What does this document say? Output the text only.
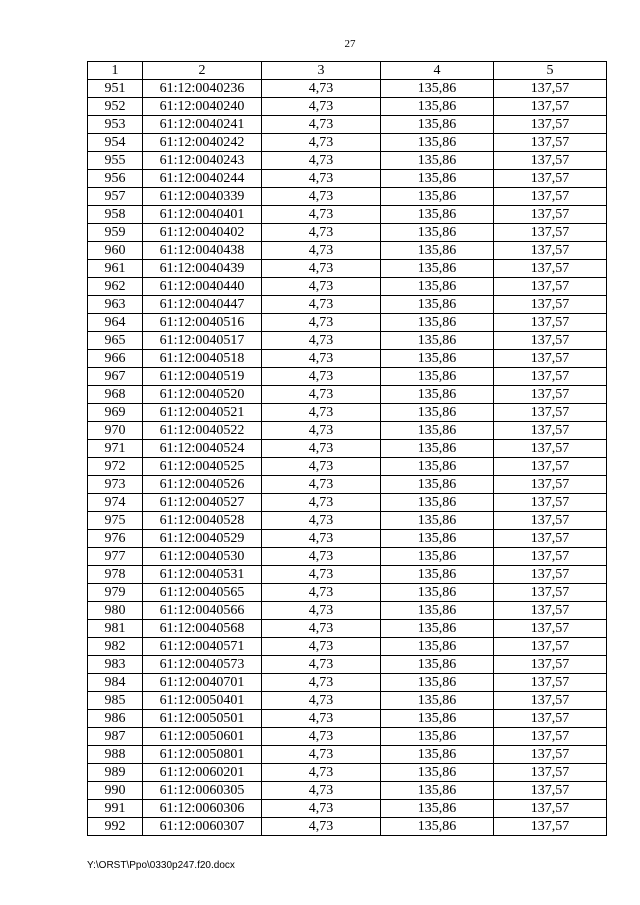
27
1	2	3	4	5
951	61:12:0040236	4,73	135,86	137,57
952	61:12:0040240	4,73	135,86	137,57
953	61:12:0040241	4,73	135,86	137,57
954	61:12:0040242	4,73	135,86	137,57
955	61:12:0040243	4,73	135,86	137,57
956	61:12:0040244	4,73	135,86	137,57
957	61:12:0040339	4,73	135,86	137,57
958	61:12:0040401	4,73	135,86	137,57
959	61:12:0040402	4,73	135,86	137,57
960	61:12:0040438	4,73	135,86	137,57
961	61:12:0040439	4,73	135,86	137,57
962	61:12:0040440	4,73	135,86	137,57
963	61:12:0040447	4,73	135,86	137,57
964	61:12:0040516	4,73	135,86	137,57
965	61:12:0040517	4,73	135,86	137,57
966	61:12:0040518	4,73	135,86	137,57
967	61:12:0040519	4,73	135,86	137,57
968	61:12:0040520	4,73	135,86	137,57
969	61:12:0040521	4,73	135,86	137,57
970	61:12:0040522	4,73	135,86	137,57
971	61:12:0040524	4,73	135,86	137,57
972	61:12:0040525	4,73	135,86	137,57
973	61:12:0040526	4,73	135,86	137,57
974	61:12:0040527	4,73	135,86	137,57
975	61:12:0040528	4,73	135,86	137,57
976	61:12:0040529	4,73	135,86	137,57
977	61:12:0040530	4,73	135,86	137,57
978	61:12:0040531	4,73	135,86	137,57
979	61:12:0040565	4,73	135,86	137,57
980	61:12:0040566	4,73	135,86	137,57
981	61:12:0040568	4,73	135,86	137,57
982	61:12:0040571	4,73	135,86	137,57
983	61:12:0040573	4,73	135,86	137,57
984	61:12:0040701	4,73	135,86	137,57
985	61:12:0050401	4,73	135,86	137,57
986	61:12:0050501	4,73	135,86	137,57
987	61:12:0050601	4,73	135,86	137,57
988	61:12:0050801	4,73	135,86	137,57
989	61:12:0060201	4,73	135,86	137,57
990	61:12:0060305	4,73	135,86	137,57
991	61:12:0060306	4,73	135,86	137,57
992	61:12:0060307	4,73	135,86	137,57
Y:\ORST\Ppo\0330p247.f20.docx
